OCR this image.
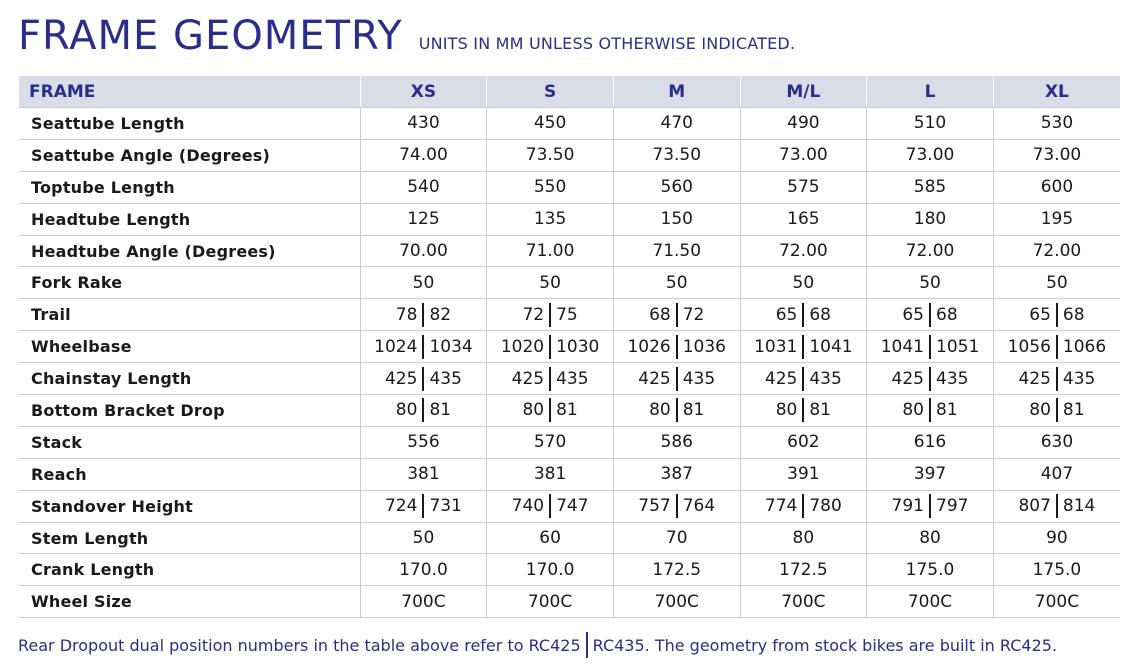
FRAME GEOMETRY UNITS IN MM UNLESS OTHERWISE INDICATED.
FRAME	XS	S	M	M/L	L	XL
Seattube Length	430	450	470	490	510	530
Seattube Angle (Degrees)	74.00	73.50	73.50	73.00	73.00	73.00
Toptube Length	540	550	560	575	585	600
Headtube Length	125	135	150	165	180	195
Headtube Angle (Degrees)	70.00	71.00	71.50	72.00	72.00	72.00
Fork Rake	50	50	50	50	50	50
Trail	78 82	72 75	68 72	65 68	65 68	65 68

Wheelbase	1024 1034	1020 1030	1026 1036	1031 1041	1041 1051	1056 1066

Chainstay Length	425 435	425 435	425 435	425 435	425 435	425 435

Bottom Bracket Drop	80 81	80 81	80 81	80 81	80 81	80 81

Stack	556	570	586	602	616	630
Reach	381	381	387	391	397	407
Standover Height	724 731	740 747	757 764	774 780	791 797	807 814

Stem Length	50	60	70	80	80	90
Crank Length	170.0	170.0	172.5	172.5	175.0	175.0
Wheel Size	700C	700C	700C	700C	700C	700C
Rear Dropout dual position numbers in the table above refer to RC425 RC435. The geometry from stock bikes are built in RC425.
